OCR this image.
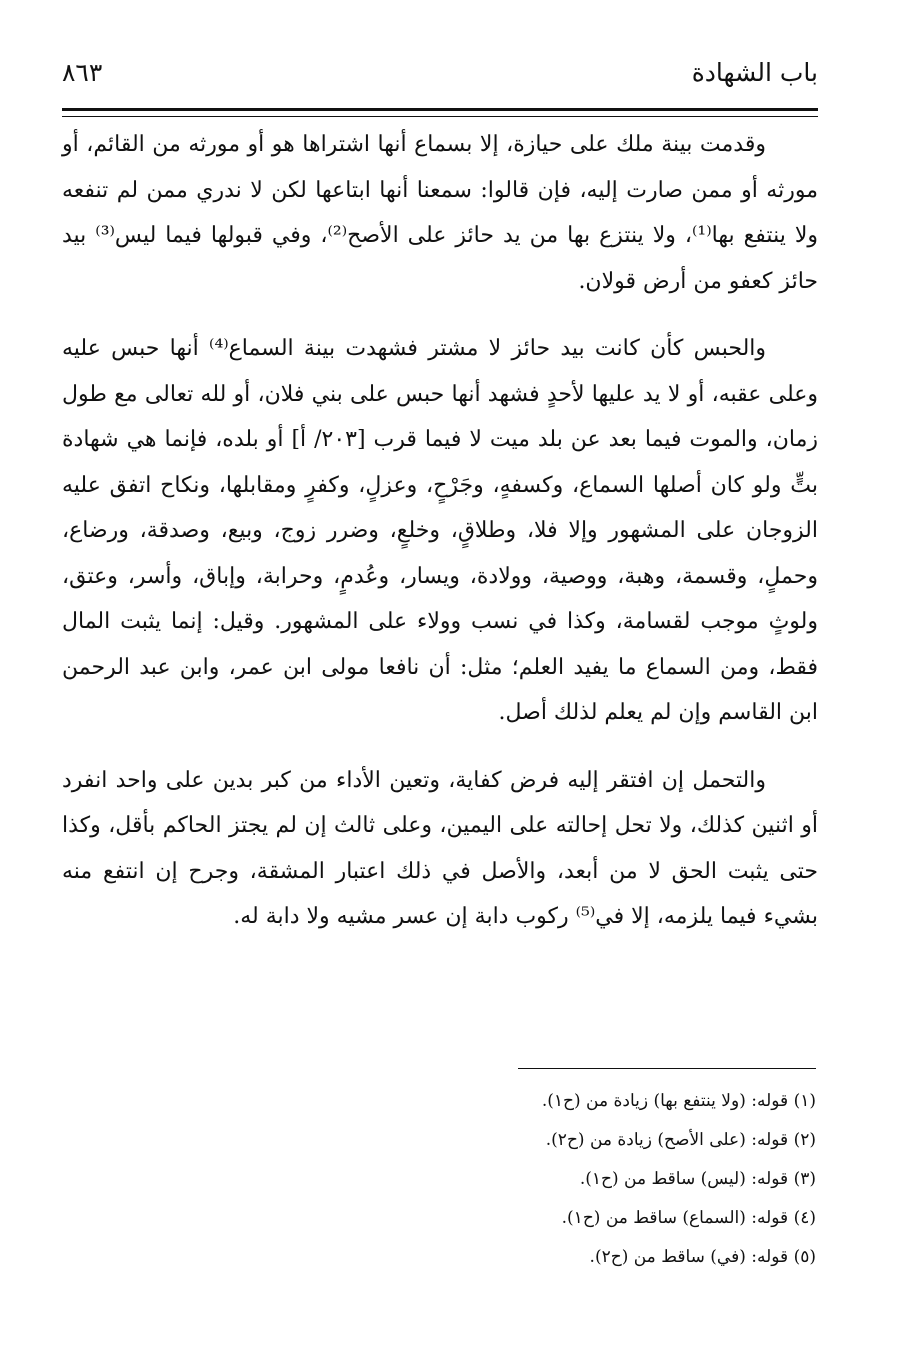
باب الشهادة
٨٦٣

وقدمت بينة ملك على حيازة، إلا بسماع أنها اشتراها هو أو مورثه من القائم، أو مورثه أو ممن صارت إليه، فإن قالوا: سمعنا أنها ابتاعها لكن لا ندري ممن لم تنفعه ولا ينتفع بها⁽¹⁾، ولا ينتزع بها من يد حائز على الأصح⁽²⁾، وفي قبولها فيما ليس⁽³⁾ بيد حائز كعفو من أرض قولان.

والحبس كأن كانت بيد حائز لا مشتر فشهدت بينة السماع⁽⁴⁾ أنها حبس عليه وعلى عقبه، أو لا يد عليها لأحدٍ فشهد أنها حبس على بني فلان، أو لله تعالى مع طول زمان، والموت فيما بعد عن بلد ميت لا فيما قرب [٢٠٣/ أ] أو بلده، فإنما هي شهادة بتٍّ ولو كان أصلها السماع، وكسفهٍ، وجَرْحٍ، وعزلٍ، وكفرٍ ومقابلها، ونكاح اتفق عليه الزوجان على المشهور وإلا فلا، وطلاقٍ، وخلعٍ، وضرر زوج، وبيع، وصدقة، ورضاع، وحملٍ، وقسمة، وهبة، ووصية، وولادة، ويسار، وعُدمٍ، وحرابة، وإباق، وأسر، وعتق، ولوثٍ موجب لقسامة، وكذا في نسب وولاء على المشهور. وقيل: إنما يثبت المال فقط، ومن السماع ما يفيد العلم؛ مثل: أن نافعا مولى ابن عمر، وابن عبد الرحمن ابن القاسم وإن لم يعلم لذلك أصل.

والتحمل إن افتقر إليه فرض كفاية، وتعين الأداء من كبر بدين على واحد انفرد أو اثنين كذلك، ولا تحل إحالته على اليمين، وعلى ثالث إن لم يجتز الحاكم بأقل، وكذا حتى يثبت الحق لا من أبعد، والأصل في ذلك اعتبار المشقة، وجرح إن انتفع منه بشيء فيما يلزمه، إلا في⁽⁵⁾ ركوب دابة إن عسر مشيه ولا دابة له.

(١) قوله: (ولا ينتفع بها) زيادة من (ح١).
(٢) قوله: (على الأصح) زيادة من (ح٢).
(٣) قوله: (ليس) ساقط من (ح١).
(٤) قوله: (السماع) ساقط من (ح١).
(٥) قوله: (في) ساقط من (ح٢).
